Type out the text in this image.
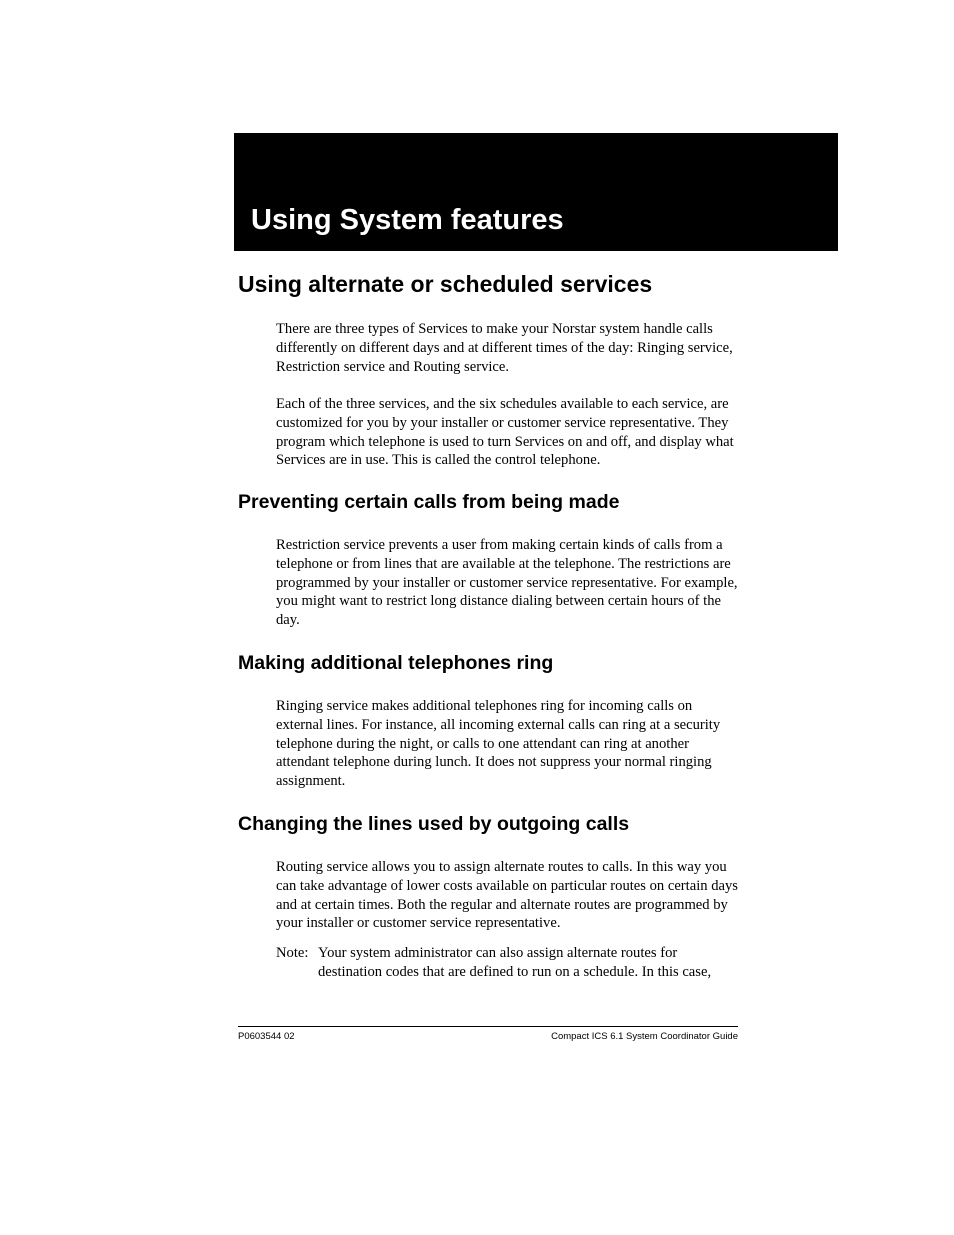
Using System features
Using alternate or scheduled services

There are three types of Services to make your Norstar system handle calls differently on different days and at different times of the day: Ringing service, Restriction service and Routing service.

Each of the three services, and the six schedules available to each service, are customized for you by your installer or customer service representative. They program which telephone is used to turn Services on and off, and display what Services are in use. This is called the control telephone.

Preventing certain calls from being made

Restriction service prevents a user from making certain kinds of calls from a telephone or from lines that are available at the telephone. The restrictions are programmed by your installer or customer service representative. For example, you might want to restrict long distance dialing between certain hours of the day.

Making additional telephones ring

Ringing service makes additional telephones ring for incoming calls on external lines. For instance, all incoming external calls can ring at a security telephone during the night, or calls to one attendant can ring at another attendant telephone during lunch. It does not suppress your normal ringing assignment.

Changing the lines used by outgoing calls

Routing service allows you to assign alternate routes to calls. In this way you can take advantage of lower costs available on particular routes on certain days and at certain times. Both the regular and alternate routes are programmed by your installer or customer service representative.

Note: Your system administrator can also assign alternate routes for destination codes that are defined to run on a schedule. In this case,

P0603544 02	Compact ICS 6.1 System Coordinator Guide
